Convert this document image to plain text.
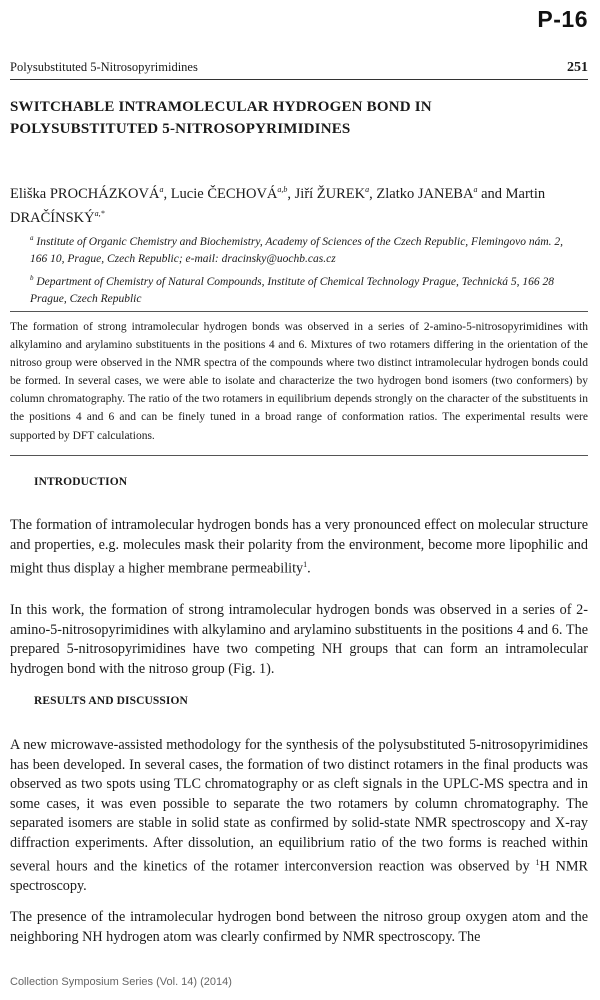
P-16
Polysubstituted 5-Nitrosopyrimidines	251
SWITCHABLE INTRAMOLECULAR HYDROGEN BOND IN
POLYSUBSTITUTED 5-NITROSOPYRIMIDINES
Eliška PROCHÁZKOVÁ$^a$, Lucie ČECHOVÁ$^{a,b}$, Jiří ŽUREK$^a$, Zlatko JANEBA$^a$ and Martin $DRAČÍNSKÝ^{a,*}$

$^a$ Institute of Organic Chemistry and Biochemistry, Academy of Sciences of the Czech Republic, Flemingovo nám. 2, 166 10, Prague, Czech Republic; e-mail: dracinsky@uochb.cas.cz

$^b$ Department of Chemistry of Natural Compounds, Institute of Chemical Technology Prague, Technická 5, 166 28 Prague, Czech Republic

The formation of strong intramolecular hydrogen bonds was observed in a series of 2-amino-5-nitrosopyrimidines with alkylamino and arylamino substituents in the positions 4 and 6. Mixtures of two rotamers differing in the orientation of the nitroso group were observed in the NMR spectra of the compounds where two distinct intramolecular hydrogen bonds could be formed. In several cases, we were able to isolate and characterize the two hydrogen bond isomers (two conformers) by column chromatography. The ratio of the two rotamers in equilibrium depends strongly on the character of the substituents in the positions 4 and 6 and can be finely tuned in a broad range of conformation ratios. The experimental results were supported by DFT calculations.

INTRODUCTION

The formation of intramolecular hydrogen bonds has a very pronounced effect on molecular structure and properties, e.g. molecules mask their polarity from the environment, become more lipophilic and might thus display a higher membrane permeability$^1$.

In this work, the formation of strong intramolecular hydrogen bonds was observed in a series of 2-amino-5-nitrosopyrimidines with alkylamino and arylamino substituents in the positions 4 and 6. The prepared 5-nitrosopyrimidines have two competing NH groups that can form an intramolecular hydrogen bond with the nitroso group (Fig. 1).

RESULTS AND DISCUSSION

A new microwave-assisted methodology for the synthesis of the polysubstituted 5-nitrosopyrimidines has been developed. In several cases, the formation of two distinct rotamers in the final products was observed as two spots using TLC chromatography or as cleft signals in the UPLC-MS spectra and in some cases, it was even possible to separate the two rotamers by column chromatography. The separated isomers are stable in solid state as confirmed by solid-state NMR spectroscopy and X-ray diffraction experiments. After dissolution, an equilibrium ratio of the two forms is reached within several hours and the kinetics of the rotamer interconversion reaction was observed by $^1$H NMR spectroscopy.

The presence of the intramolecular hydrogen bond between the nitroso group oxygen atom and the neighboring NH hydrogen atom was clearly confirmed by NMR spectroscopy. The

Collection Symposium Series (Vol. 14) (2014)
